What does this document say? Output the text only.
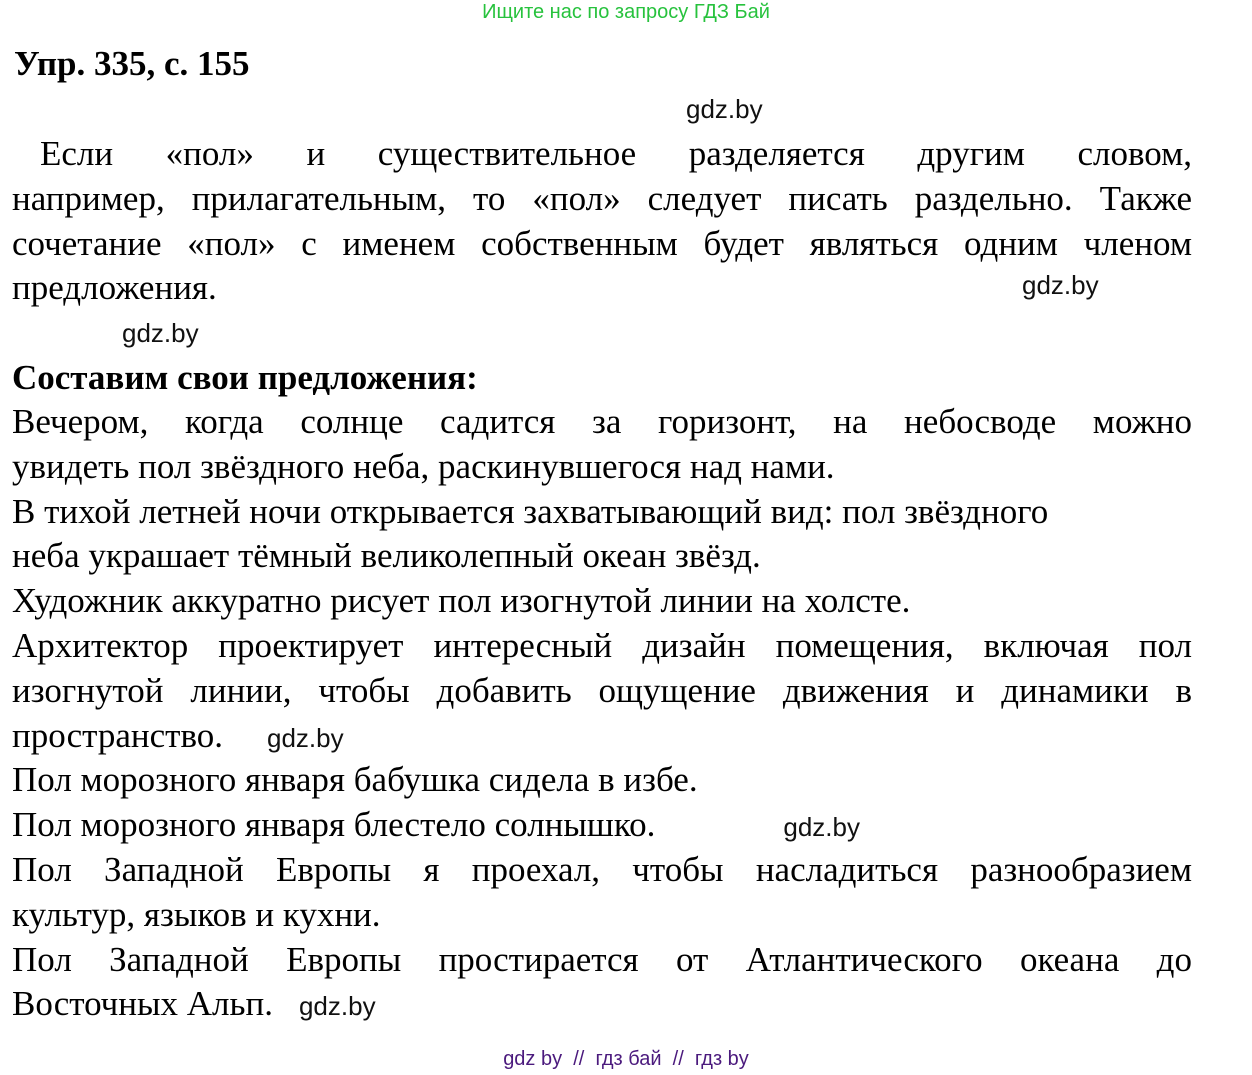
Ищите нас по запросу ГДЗ Бай
Упр. 335, с. 155
gdz.by
Если «пол» и существительное разделяется другим словом,
например, прилагательным, то «пол» следует писать раздельно. Также
сочетание «пол» с именем собственным будет являться одним членом
предложения.	gdz.by
gdz.by
Составим свои предложения:
Вечером, когда солнце садится за горизонт, на небосводе можно
увидеть пол звёздного неба, раскинувшегося над нами.
В тихой летней ночи открывается захватывающий вид: пол звёздного
неба украшает тёмный великолепный океан звёзд.
Художник аккуратно рисует пол изогнутой линии на холсте.
Архитектор проектирует интересный дизайн помещения, включая пол
изогнутой линии, чтобы добавить ощущение движения и динамики в
пространство. gdz.by
Пол морозного января бабушка сидела в избе.
Пол морозного января блестело солнышко.	gdz.by
Пол Западной Европы я проехал, чтобы насладиться разнообразием
культур, языков и кухни.
Пол Западной Европы простирается от Атлантического океана до
Восточных Альп. gdz.by
gdz by  //  гдз бай  //  гдз by
